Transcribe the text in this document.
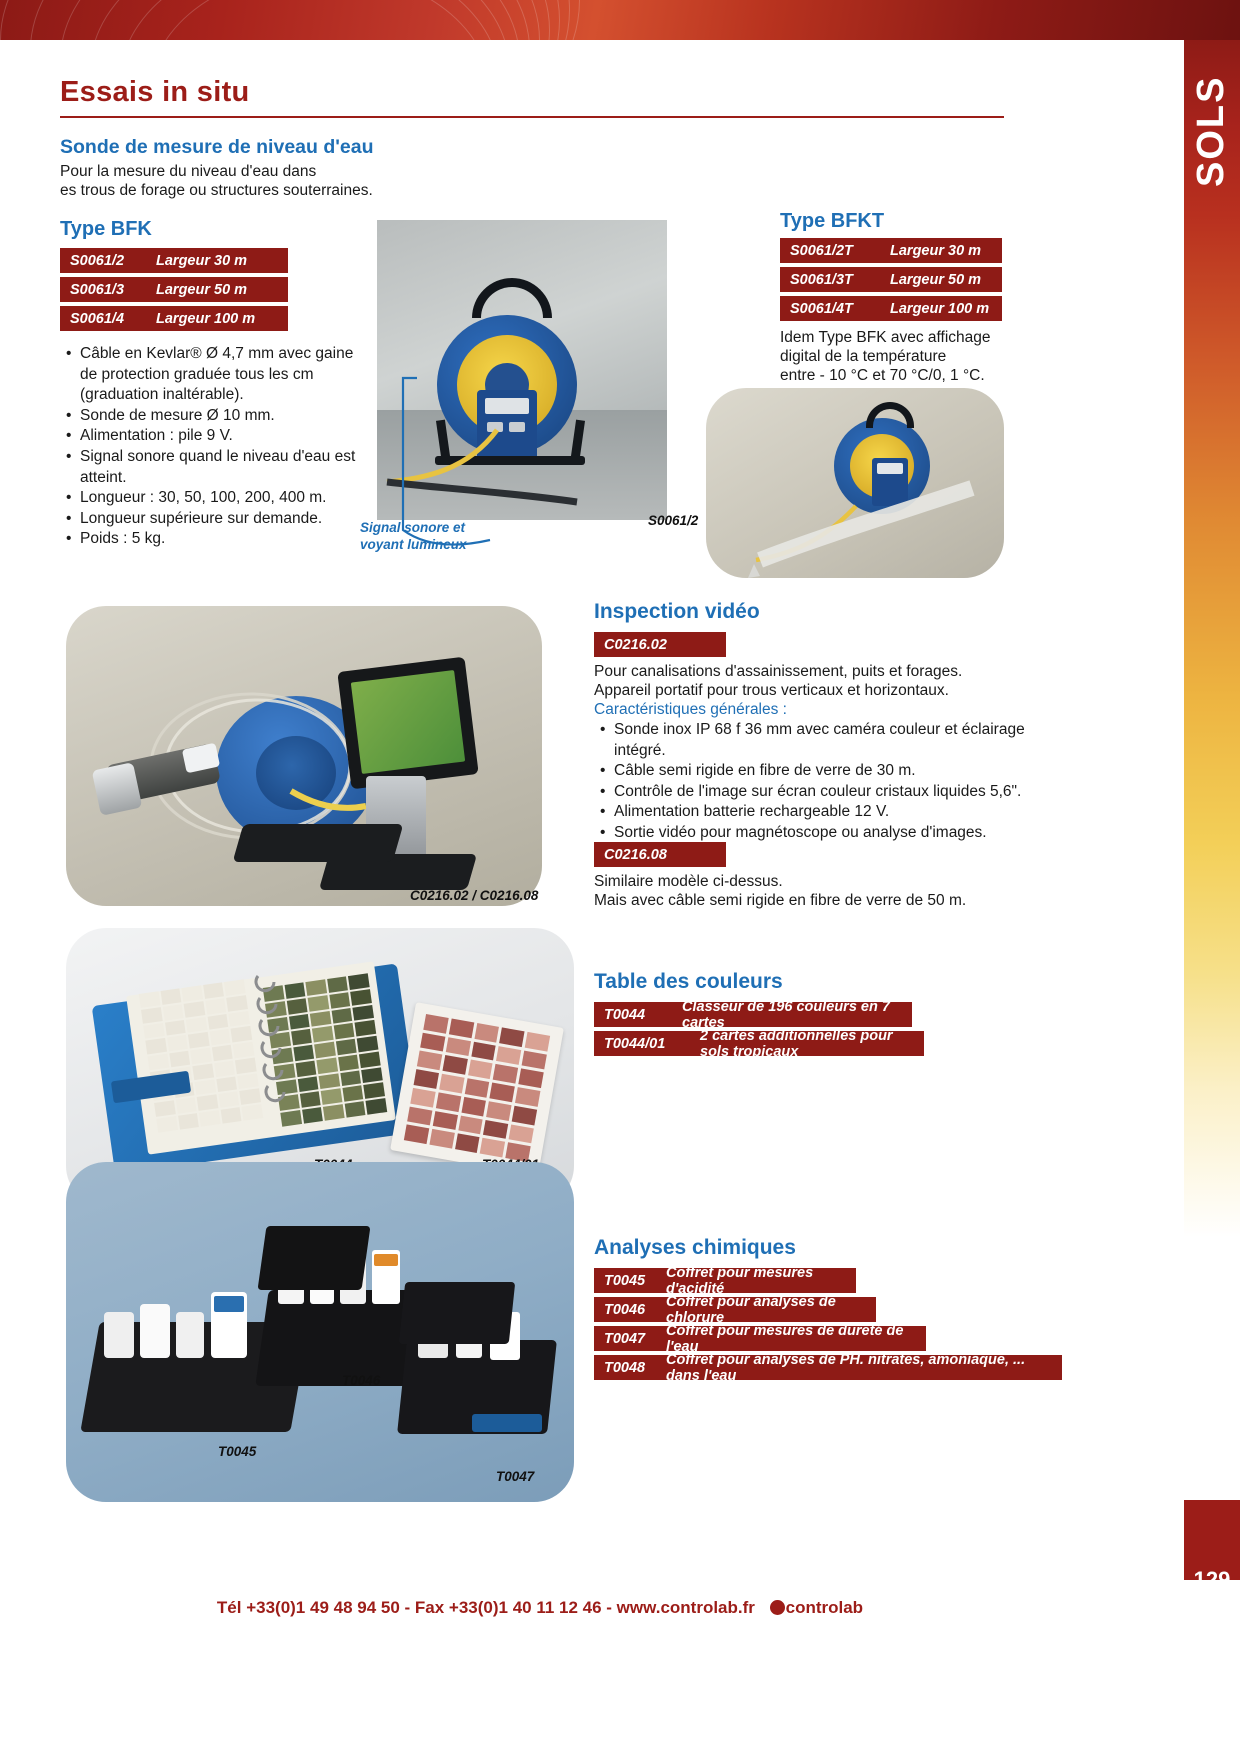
SOLS
129
Essais in situ
Sonde de mesure de niveau d'eau
Pour la mesure du niveau d'eau dans
es trous de forage ou structures souterraines.
Type BFK
S0061/2	Largeur 30 m
S0061/3	Largeur 50 m
S0061/4	Largeur 100 m
• Câble en Kevlar® Ø 4,7 mm avec gaine de protection graduée tous les cm (graduation inaltérable).
• Sonde de mesure Ø 10 mm.
• Alimentation : pile 9 V.
• Signal sonore quand le niveau d'eau est atteint.
• Longueur : 30, 50, 100, 200, 400 m.
• Longueur supérieure sur demande.
• Poids : 5 kg.
Signal sonore et
voyant lumineux
S0061/2
Type BFKT
S0061/2T	Largeur 30 m
S0061/3T	Largeur 50 m
S0061/4T	Largeur 100 m
Idem Type BFK avec affichage
digital de la température
entre - 10 °C et 70 °C/0, 1 °C.
C0216.02 / C0216.08
Inspection vidéo
C0216.02
Pour canalisations d'assainissement, puits et forages.
Appareil portatif pour trous verticaux et horizontaux.
Caractéristiques générales :
• Sonde inox IP 68 f 36 mm avec caméra couleur et éclairage intégré.
• Câble semi rigide en fibre de verre de 30 m.
• Contrôle de l'image sur écran couleur cristaux liquides 5,6".
• Alimentation batterie rechargeable 12 V.
• Sortie vidéo pour magnétoscope ou analyse d'images.
C0216.08
Similaire modèle ci-dessus.
Mais avec câble semi rigide en fibre de verre de 50 m.
Table des couleurs
T0044	Classeur de 196 couleurs en 7 cartes
T0044/01	2 cartes additionnelles pour sols tropicaux
T0045
T0046
T0047
Analyses chimiques
T0045	Coffret pour mesures d'acidité
T0046	Coffret pour analyses de chlorure
T0047	Coffret pour mesures de dureté de l'eau
T0048	Coffret pour analyses de PH. nitrates, amoniaque, ... dans l'eau
Tél +33(0)1 49 48 94 50 - Fax +33(0)1 40 11 12 46 - www.controlab.fr controlab
